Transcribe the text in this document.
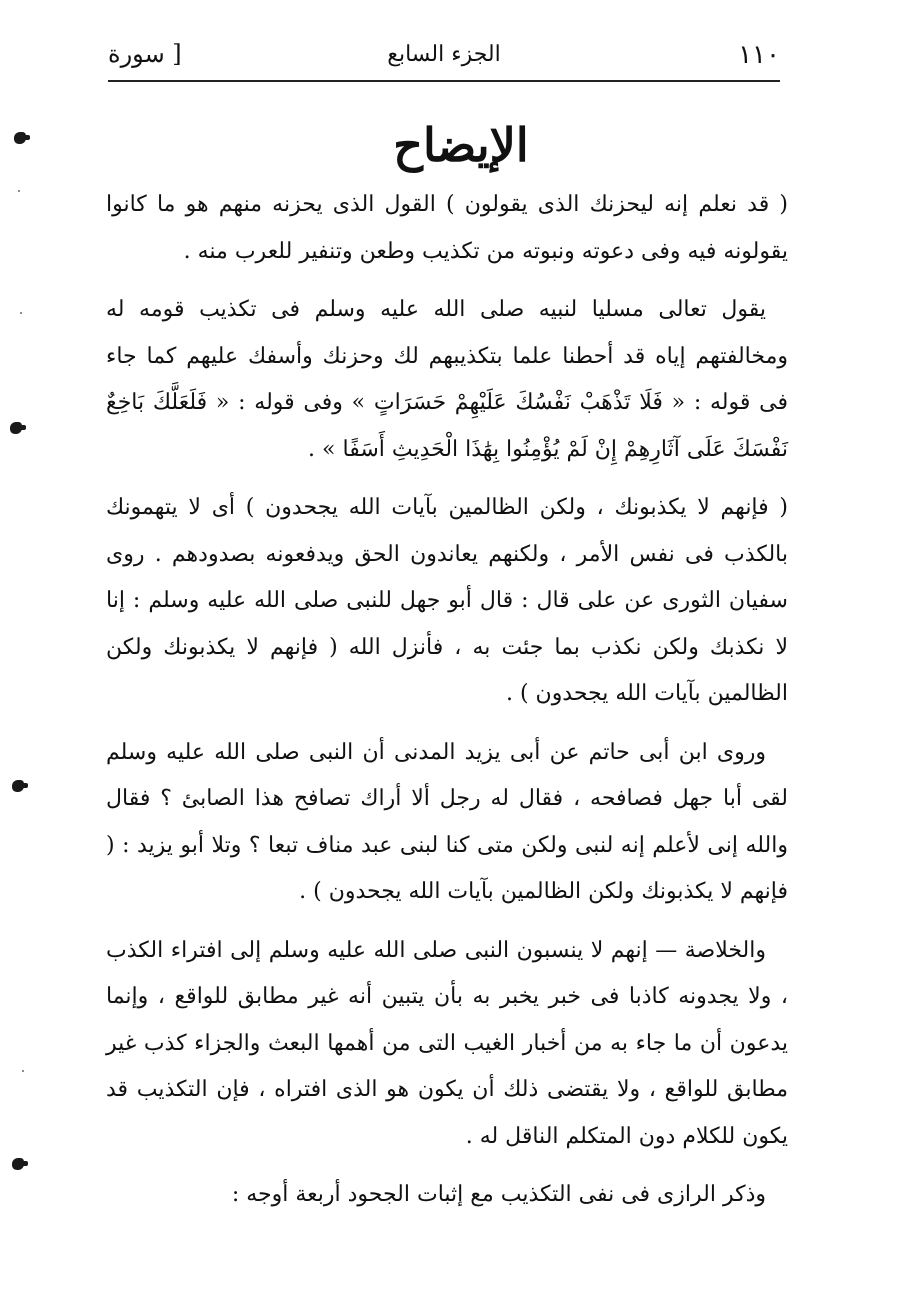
١١٠
الجزء السابع
[ سورة
الإيضاح

( قد نعلم إنه ليحزنك الذى يقولون ) القول الذى يحزنه منهم هو ما كانوا يقولونه فيه وفى دعوته ونبوته من تكذيب وطعن وتنفير للعرب منه .

يقول تعالى مسليا لنبيه صلى الله عليه وسلم فى تكذيب قومه له ومخالفتهم إياه قد أحطنا علما بتكذيبهم لك وحزنك وأسفك عليهم كما جاء فى قوله : « فَلَا تَذْهَبْ نَفْسُكَ عَلَيْهِمْ حَسَرَاتٍ » وفى قوله : « فَلَعَلَّكَ بَاخِعٌ نَفْسَكَ عَلَى آثَارِهِمْ إِنْ لَمْ يُؤْمِنُوا بِهَٰذَا الْحَدِيثِ أَسَفًا » .

( فإنهم لا يكذبونك ، ولكن الظالمين بآيات الله يجحدون ) أى لا يتهمونك بالكذب فى نفس الأمر ، ولكنهم يعاندون الحق ويدفعونه بصدودهم . روى سفيان الثورى عن على قال : قال أبو جهل للنبى صلى الله عليه وسلم : إنا لا نكذبك ولكن نكذب بما جئت به ، فأنزل الله ( فإنهم لا يكذبونك ولكن الظالمين بآيات الله يجحدون ) .

وروى ابن أبى حاتم عن أبى يزيد المدنى أن النبى صلى الله عليه وسلم لقى أبا جهل فصافحه ، فقال له رجل ألا أراك تصافح هذا الصابئ ؟ فقال والله إنى لأعلم إنه لنبى ولكن متى كنا لبنى عبد مناف تبعا ؟ وتلا أبو يزيد : ( فإنهم لا يكذبونك ولكن الظالمين بآيات الله يجحدون ) .

والخلاصة — إنهم لا ينسبون النبى صلى الله عليه وسلم إلى افتراء الكذب ، ولا يجدونه كاذبا فى خبر يخبر به بأن يتبين أنه غير مطابق للواقع ، وإنما يدعون أن ما جاء به من أخبار الغيب التى من أهمها البعث والجزاء كذب غير مطابق للواقع ، ولا يقتضى ذلك أن يكون هو الذى افتراه ، فإن التكذيب قد يكون للكلام دون المتكلم الناقل له .

وذكر الرازى فى نفى التكذيب مع إثبات الجحود أربعة أوجه :
